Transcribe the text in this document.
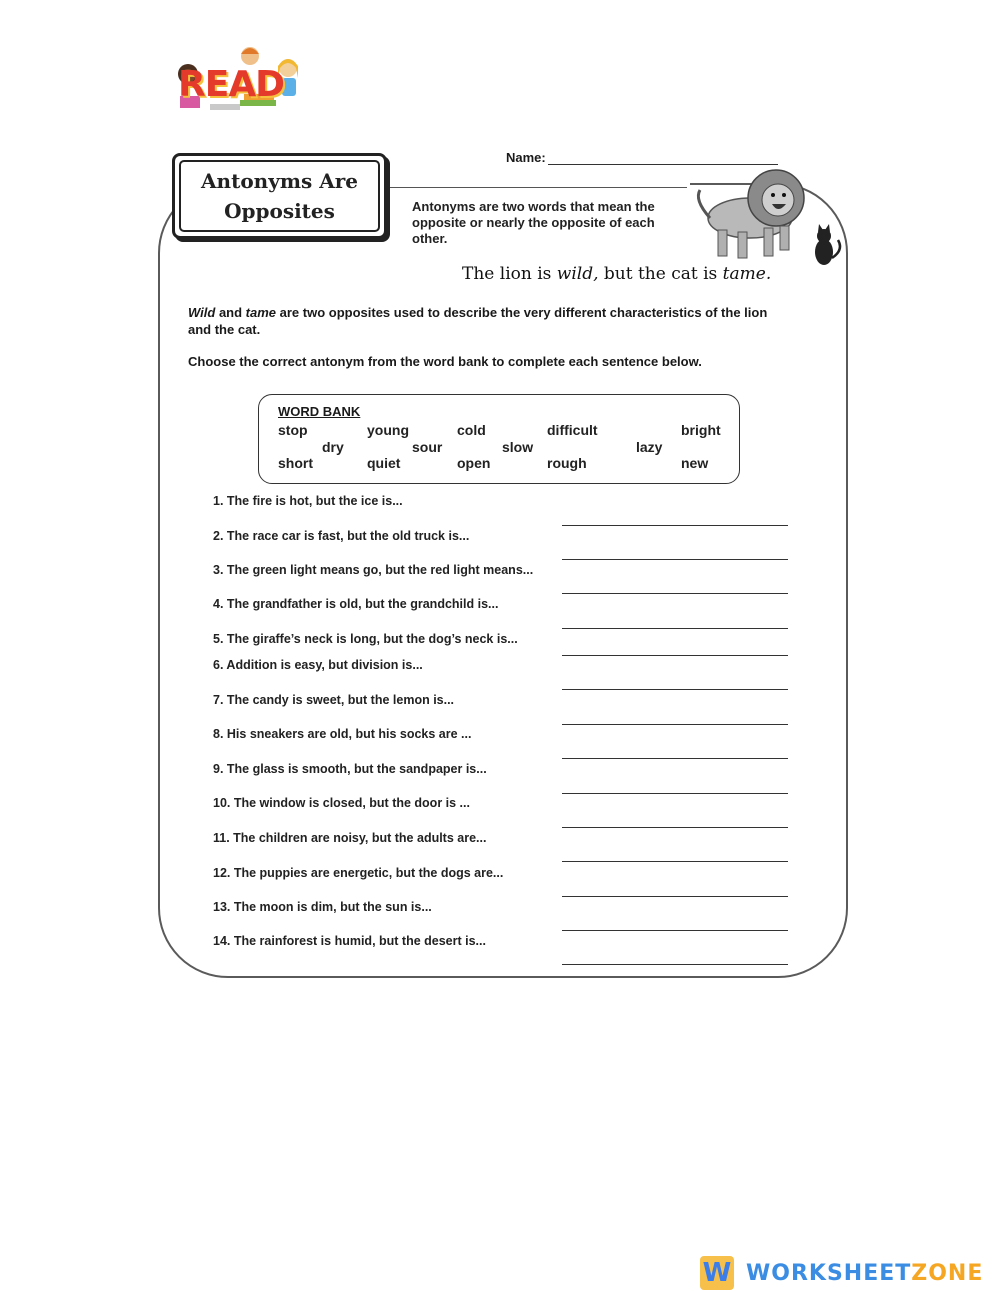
READ
Name:
Antonyms Are
Opposites	Antonyms are two words that mean the opposite or nearly the opposite of each other.
The lion is wild, but the cat is tame.
Wild and tame are two opposites used to describe the very different characteristics of the lion and the cat.
Choose the correct antonym from the word bank to complete each sentence below.
WORD BANK
stop	young	cold	difficult	bright
dry	sour	slow	lazy
short	quiet	open	rough	new
1. The fire is hot, but the ice is...
2. The race car is fast, but the old truck is...
3. The green light means go, but the red light means...
4. The grandfather is old, but the grandchild is...
5. The giraffe’s neck is long, but the dog’s neck is...
6. Addition is easy, but division is...
7. The candy is sweet, but the lemon is...
8. His sneakers are old, but his socks are ...
9. The glass is smooth, but the sandpaper is...
10. The window is closed, but the door is ...
11. The children are noisy, but the adults are...
12. The puppies are energetic, but the dogs are...
13. The moon is dim, but the sun is...
14. The rainforest is humid, but the desert is...
W WORKSHEETZONE
